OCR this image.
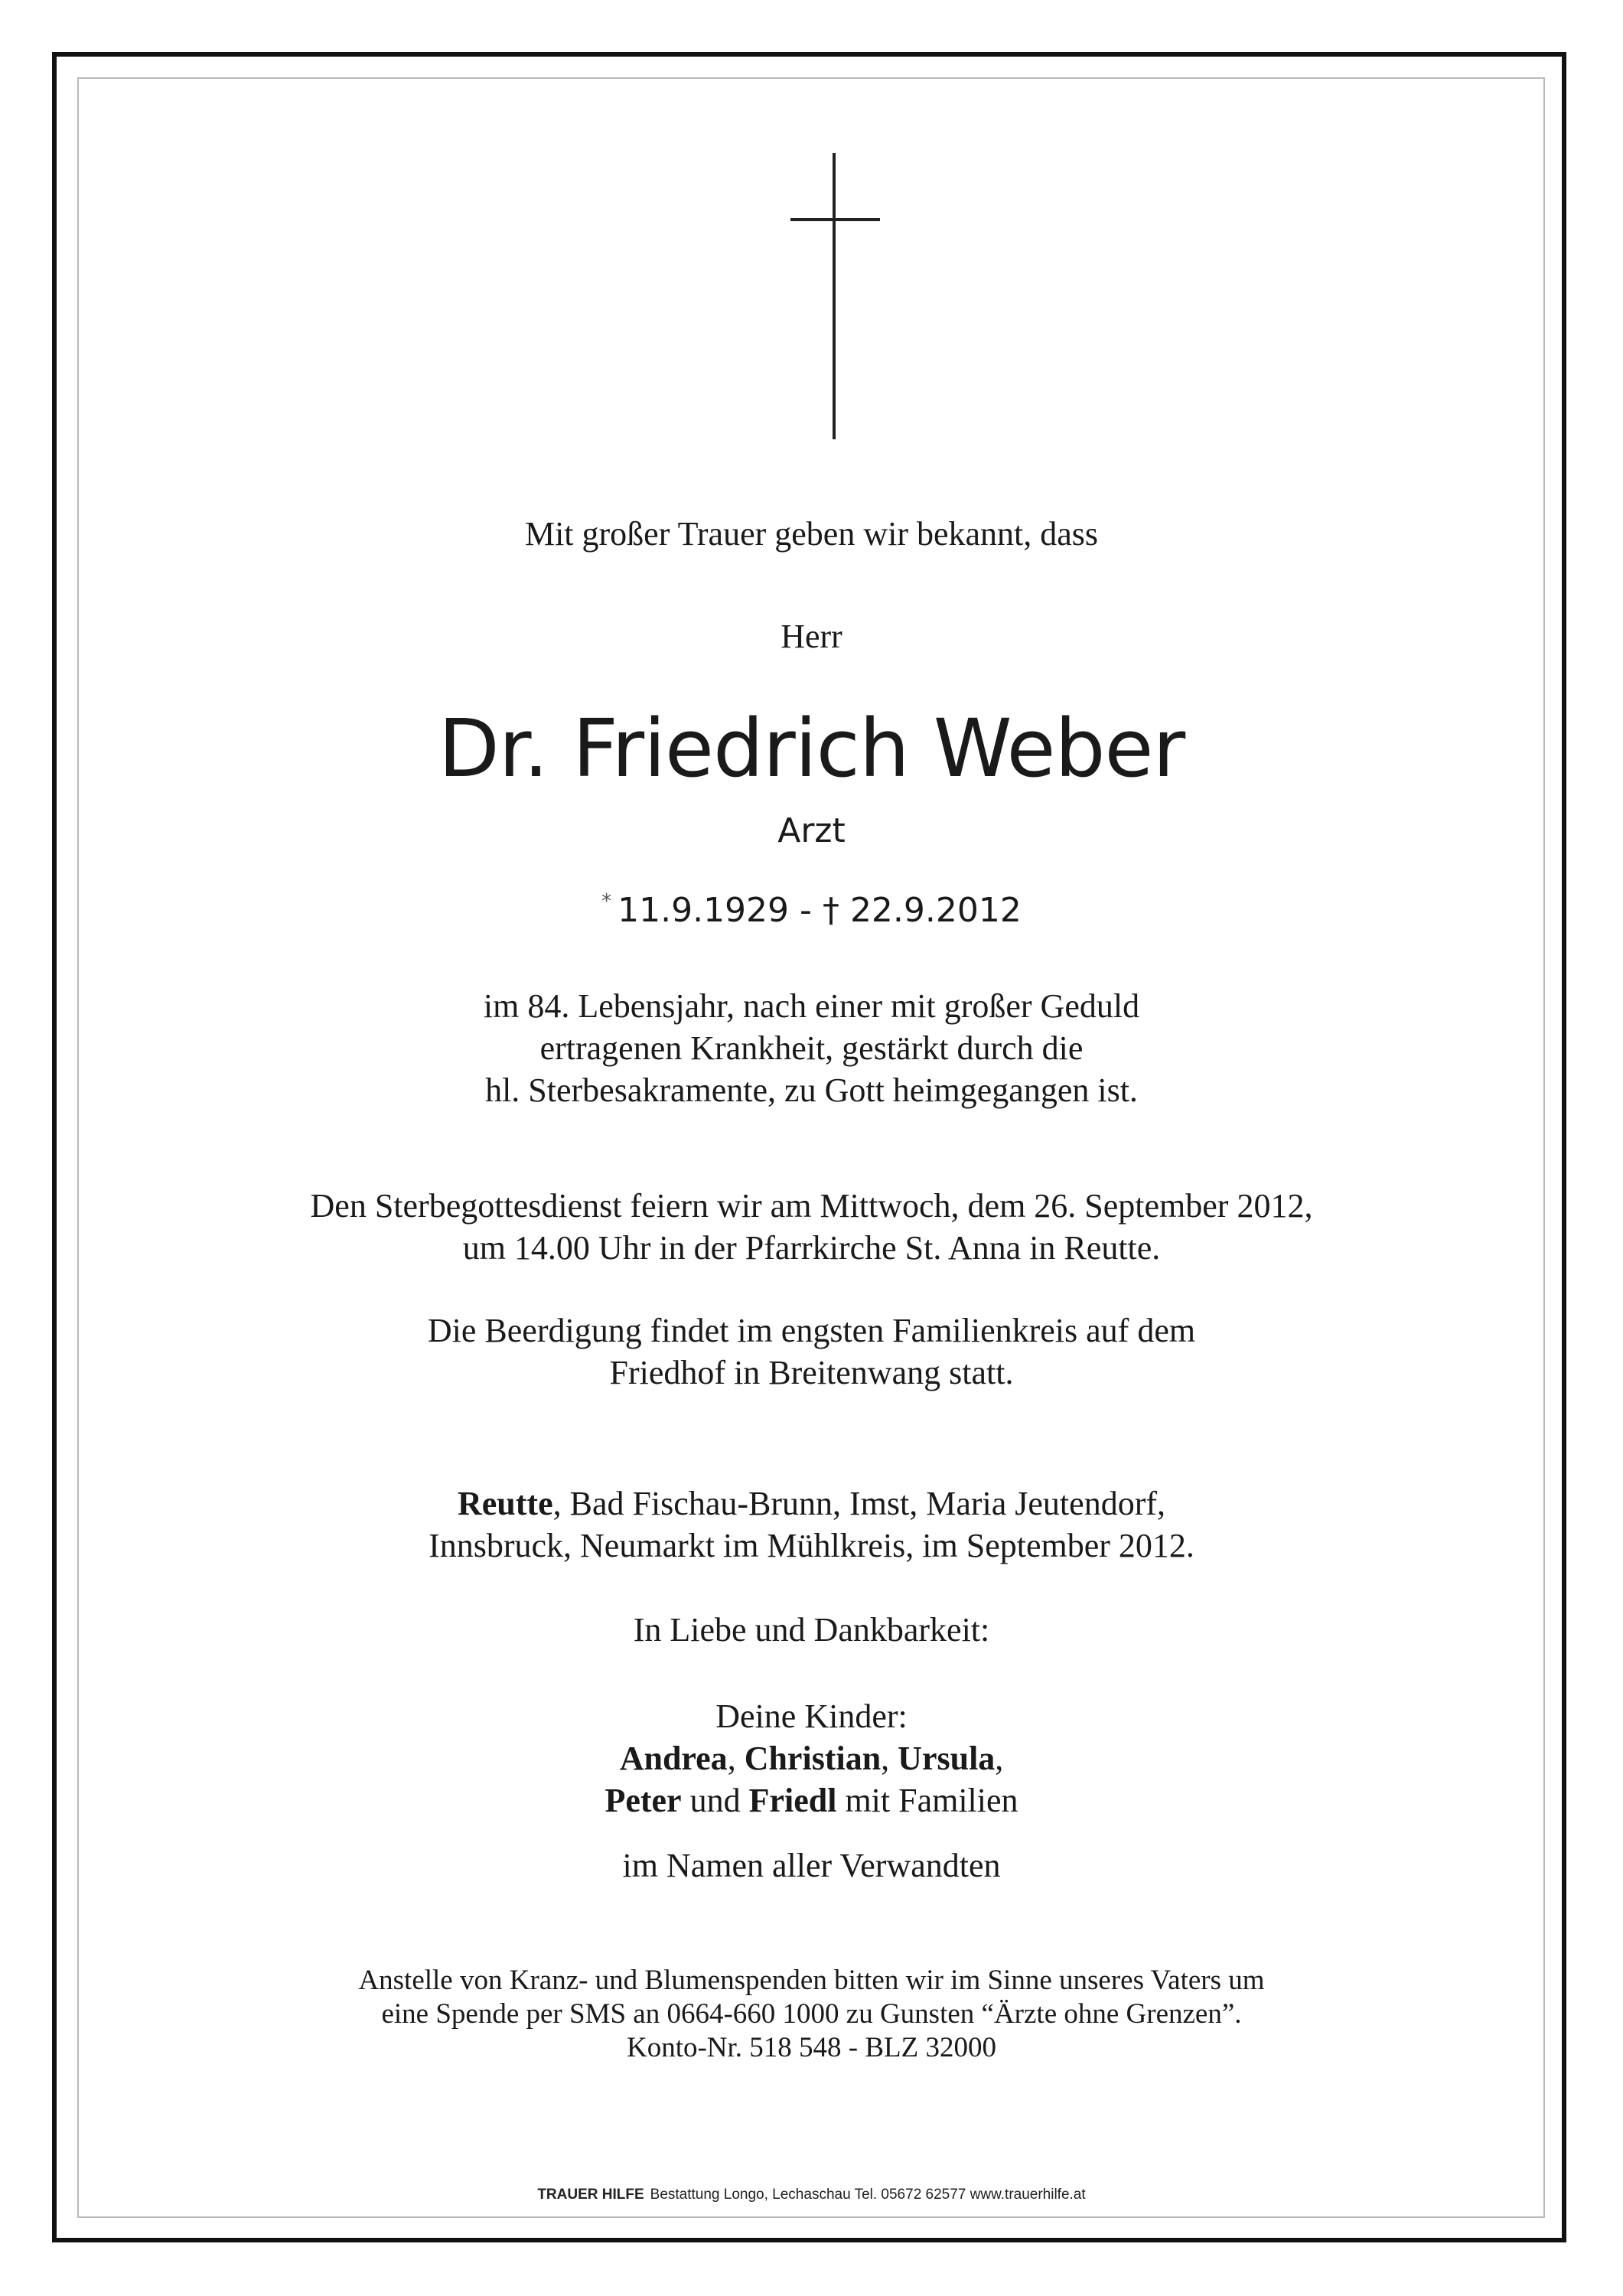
Mit großer Trauer geben wir bekannt, dass
Herr
Dr. Friedrich Weber
Arzt
* 11.9.1929 - † 22.9.2012
im 84. Lebensjahr, nach einer mit großer Geduld
ertragenen Krankheit, gestärkt durch die
hl. Sterbesakramente, zu Gott heimgegangen ist.
Den Sterbegottesdienst feiern wir am Mittwoch, dem 26. September 2012,
um 14.00 Uhr in der Pfarrkirche St. Anna in Reutte.
Die Beerdigung findet im engsten Familienkreis auf dem
Friedhof in Breitenwang statt.
Reutte, Bad Fischau-Brunn, Imst, Maria Jeutendorf,
Innsbruck, Neumarkt im Mühlkreis, im September 2012.
In Liebe und Dankbarkeit:
Deine Kinder:
Andrea, Christian, Ursula,
Peter und Friedl mit Familien
im Namen aller Verwandten
Anstelle von Kranz- und Blumenspenden bitten wir im Sinne unseres Vaters um
eine Spende per SMS an 0664-660 1000 zu Gunsten “Ärzte ohne Grenzen”.
Konto-Nr. 518 548 - BLZ 32000
TRAUER HILFE Bestattung Longo, Lechaschau Tel. 05672 62577 www.trauerhilfe.at
